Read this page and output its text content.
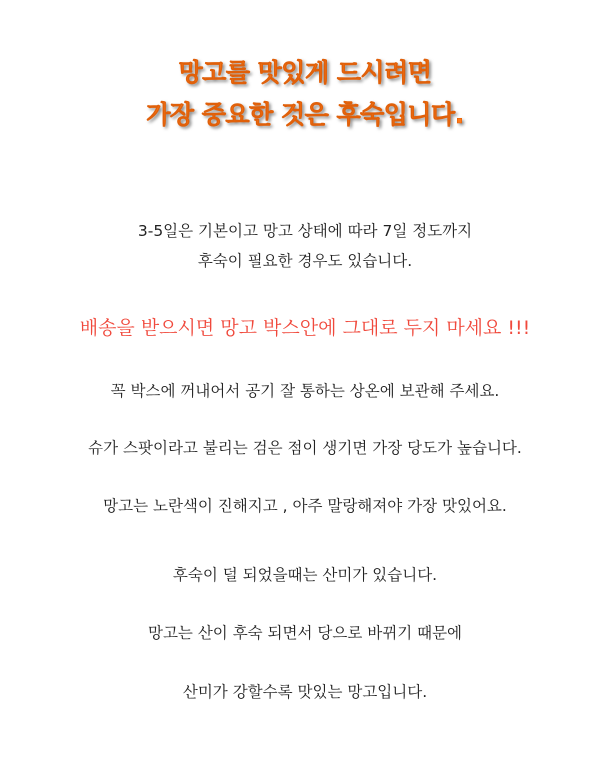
망고를 맛있게 드시려면
가장 중요한 것은 후숙입니다.
3-5일은 기본이고 망고 상태에 따라 7일 정도까지
후숙이 필요한 경우도 있습니다.
배송을 받으시면 망고 박스안에 그대로 두지 마세요 !!!
꼭 박스에 꺼내어서 공기 잘 통하는 상온에 보관해 주세요.
슈가 스팟이라고 불리는 검은 점이 생기면 가장 당도가 높습니다.
망고는 노란색이 진해지고 , 아주 말랑해져야 가장 맛있어요.
후숙이 덜 되었을때는 산미가 있습니다.
망고는 산이 후숙 되면서 당으로 바뀌기 때문에
산미가 강할수록 맛있는 망고입니다.
